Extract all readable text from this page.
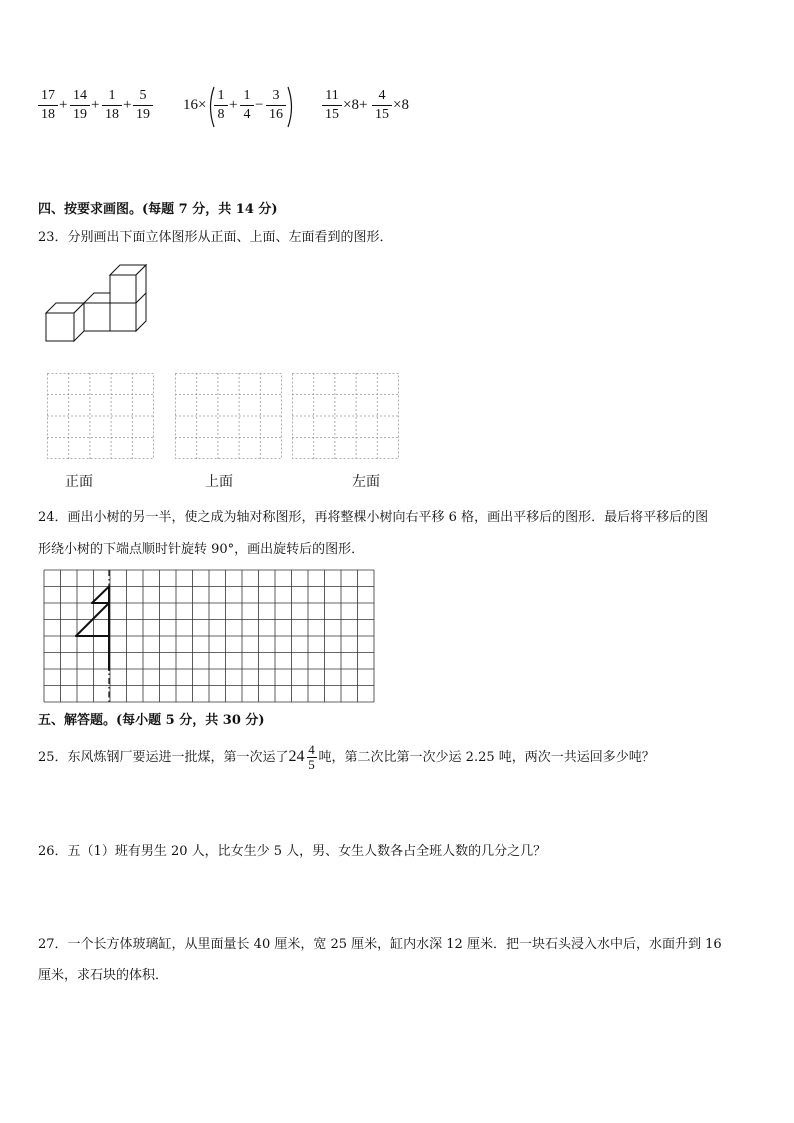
17
18
+
14
19
+
1
18
+
5
19
16×
1
8
+
1
4
−
3
16
11
15
×8+
4
15
×8
四、按要求画图。(每题 7 分，共 14 分)
23．分别画出下面立体图形从正面、上面、左面看到的图形．
正面	上面	左面
24．画出小树的另一半，使之成为轴对称图形，再将整棵小树向右平移 6 格，画出平移后的图形．最后将平移后的图
形绕小树的下端点顺时针旋转 90°，画出旋转后的图形．
五、解答题。(每小题 5 分，共 30 分)
25．东风炼钢厂要运进一批煤，第一次运了$24 \frac{4}{5}$ 吨，第二次比第一次少运 2.25 吨，两次一共运回多少吨？
26．五（1）班有男生 20 人，比女生少 5 人，男、女生人数各占全班人数的几分之几？
27．一个长方体玻璃缸，从里面量长 40 厘米，宽 25 厘米，缸内水深 12 厘米．把一块石头浸入水中后，水面升到 16
厘米，求石块的体积．
